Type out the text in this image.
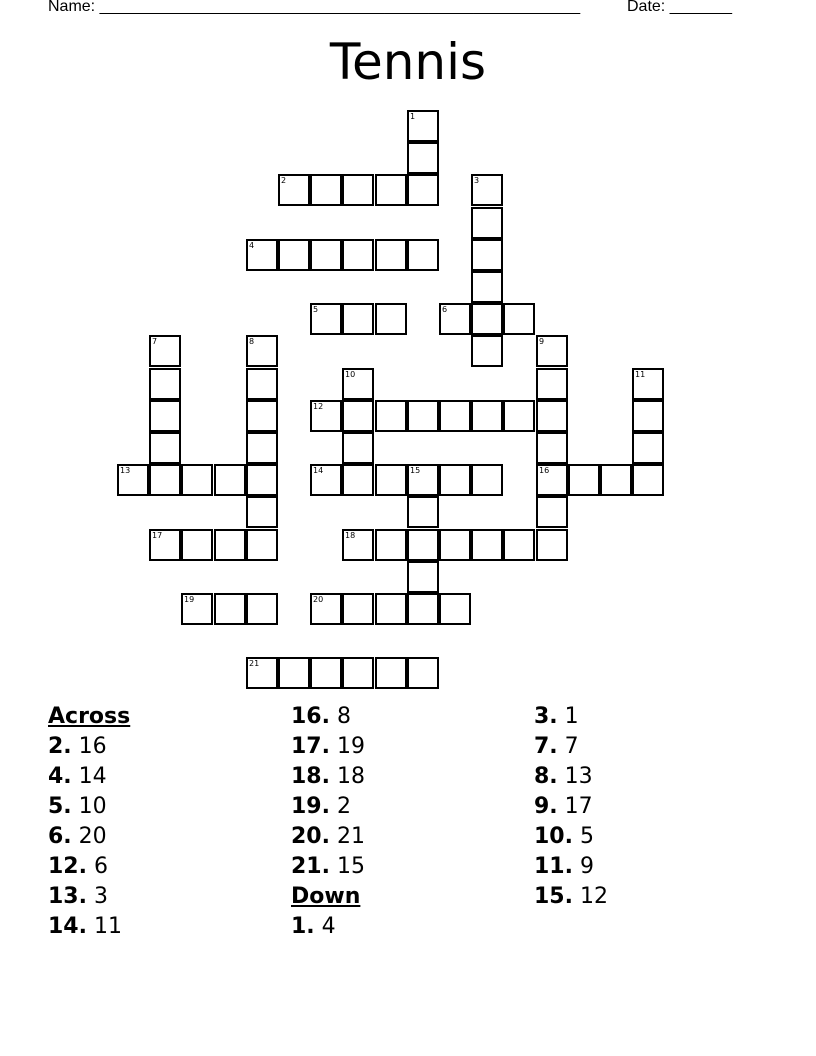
Name: ______________________________________________________	Date: _______
Tennis
1
2	3
4
5	6
7	8	9
10	11
12
13	14	15	16
17	18
19	20
21
Across
2. 16
4. 14
5. 10
6. 20
12. 6
13. 3
14. 11
16. 8
17. 19
18. 18
19. 2
20. 21
21. 15
Down
1. 4
3. 1
7. 7
8. 13
9. 17
10. 5
11. 9
15. 12
